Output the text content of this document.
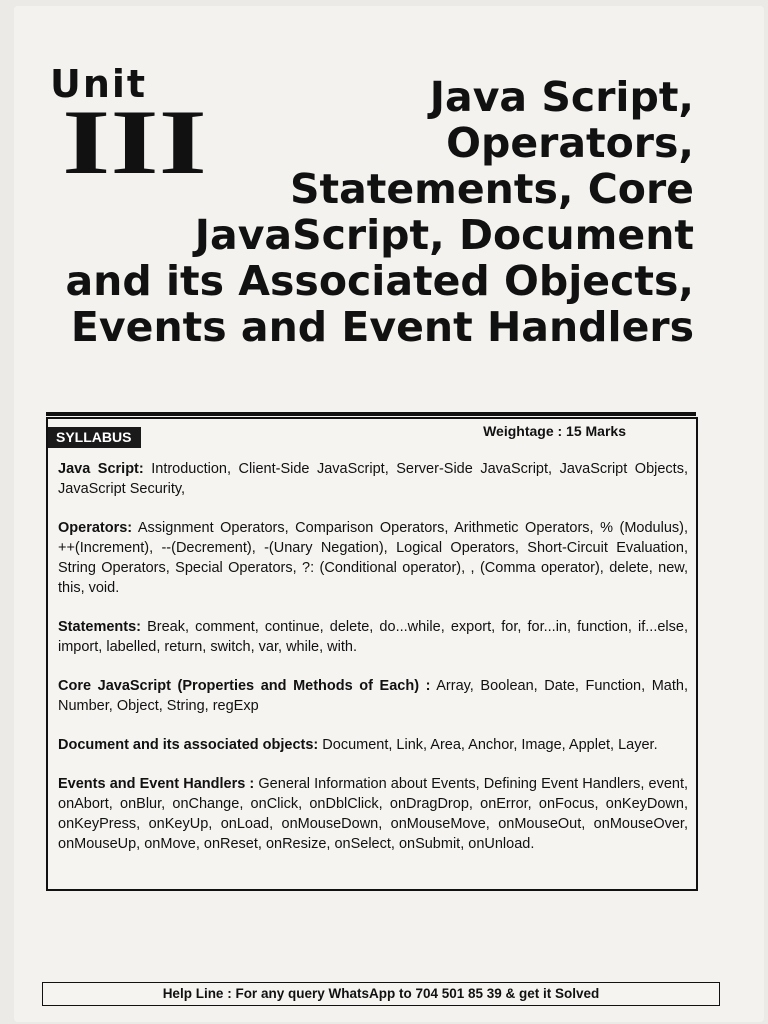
Unit
III	Java Script,
Operators,
Statements, Core
JavaScript, Document
and its Associated Objects,
Events and Event Handlers
SYLLABUS	Weightage : 15 Marks
Java Script: Introduction, Client-Side JavaScript, Server-Side JavaScript, JavaScript Objects, JavaScript Security,
Operators: Assignment Operators, Comparison Operators, Arithmetic Operators, % (Modulus), ++(Increment), --(Decrement), -(Unary Negation), Logical Operators, Short-Circuit Evaluation, String Operators, Special Operators, ?: (Conditional operator), , (Comma operator), delete, new, this, void.
Statements: Break, comment, continue, delete, do...while, export, for, for...in, function, if...else, import, labelled, return, switch, var, while, with.
Core JavaScript (Properties and Methods of Each) : Array, Boolean, Date, Function, Math, Number, Object, String, regExp
Document and its associated objects: Document, Link, Area, Anchor, Image, Applet, Layer.
Events and Event Handlers : General Information about Events, Defining Event Handlers, event, onAbort, onBlur, onChange, onClick, onDblClick, onDragDrop, onError, onFocus, onKeyDown, onKeyPress, onKeyUp, onLoad, onMouseDown, onMouseMove, onMouseOut, onMouseOver, onMouseUp, onMove, onReset, onResize, onSelect, onSubmit, onUnload.
Help Line : For any query WhatsApp to 704 501 85 39 & get it Solved
